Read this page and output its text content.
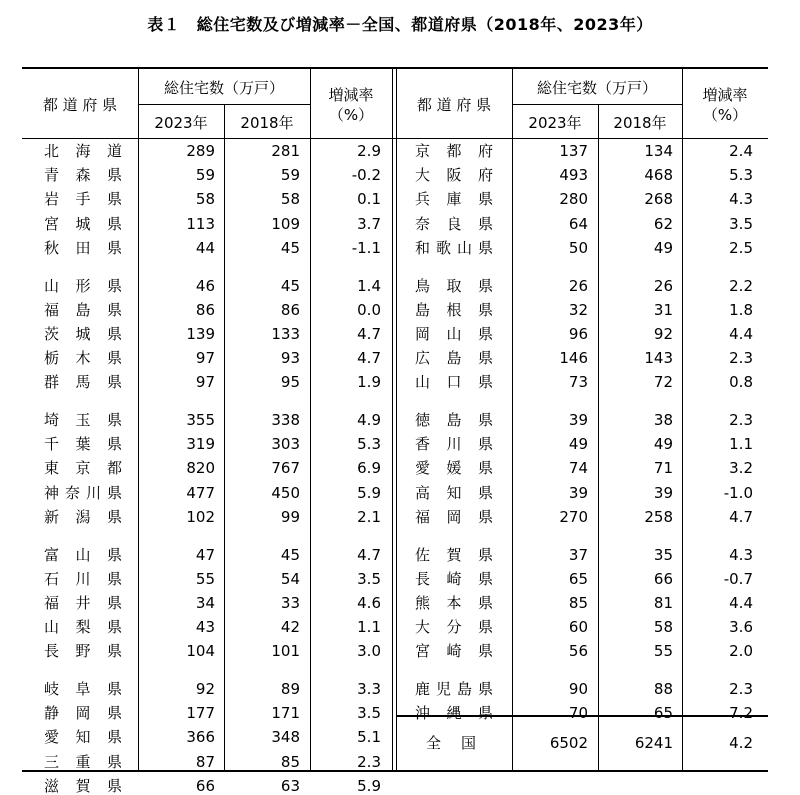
表１　総住宅数及び増減率－全国、都道府県（2018年、2023年）
都 道 府 県
総住宅数（万戸）
2023年	2018年
増減率
（%）
都 道 府 県
総住宅数（万戸）
2023年	2018年
増減率
（%）
北海道	289	281	2.9
青森県	59	59	-0.2
岩手県	58	58	0.1
宮城県	113	109	3.7
秋田県	44	45	-1.1
山形県	46	45	1.4
福島県	86	86	0.0
茨城県	139	133	4.7
栃木県	97	93	4.7
群馬県	97	95	1.9
埼玉県	355	338	4.9
千葉県	319	303	5.3
東京都	820	767	6.9
神奈川県	477	450	5.9
新潟県	102	99	2.1
富山県	47	45	4.7
石川県	55	54	3.5
福井県	34	33	4.6
山梨県	43	42	1.1
長野県	104	101	3.0
岐阜県	92	89	3.3
静岡県	177	171	3.5
愛知県	366	348	5.1
三重県	87	85	2.3
滋賀県	66	63	5.9
京都府	137	134	2.4
大阪府	493	468	5.3
兵庫県	280	268	4.3
奈良県	64	62	3.5
和歌山県	50	49	2.5
鳥取県	26	26	2.2
島根県	32	31	1.8
岡山県	96	92	4.4
広島県	146	143	2.3
山口県	73	72	0.8
徳島県	39	38	2.3
香川県	49	49	1.1
愛媛県	74	71	3.2
高知県	39	39	-1.0
福岡県	270	258	4.7
佐賀県	37	35	4.3
長崎県	65	66	-0.7
熊本県	85	81	4.4
大分県	60	58	3.6
宮崎県	56	55	2.0
鹿児島県	90	88	2.3
沖縄県	70	65	7.2
全国	6502	6241	4.2
